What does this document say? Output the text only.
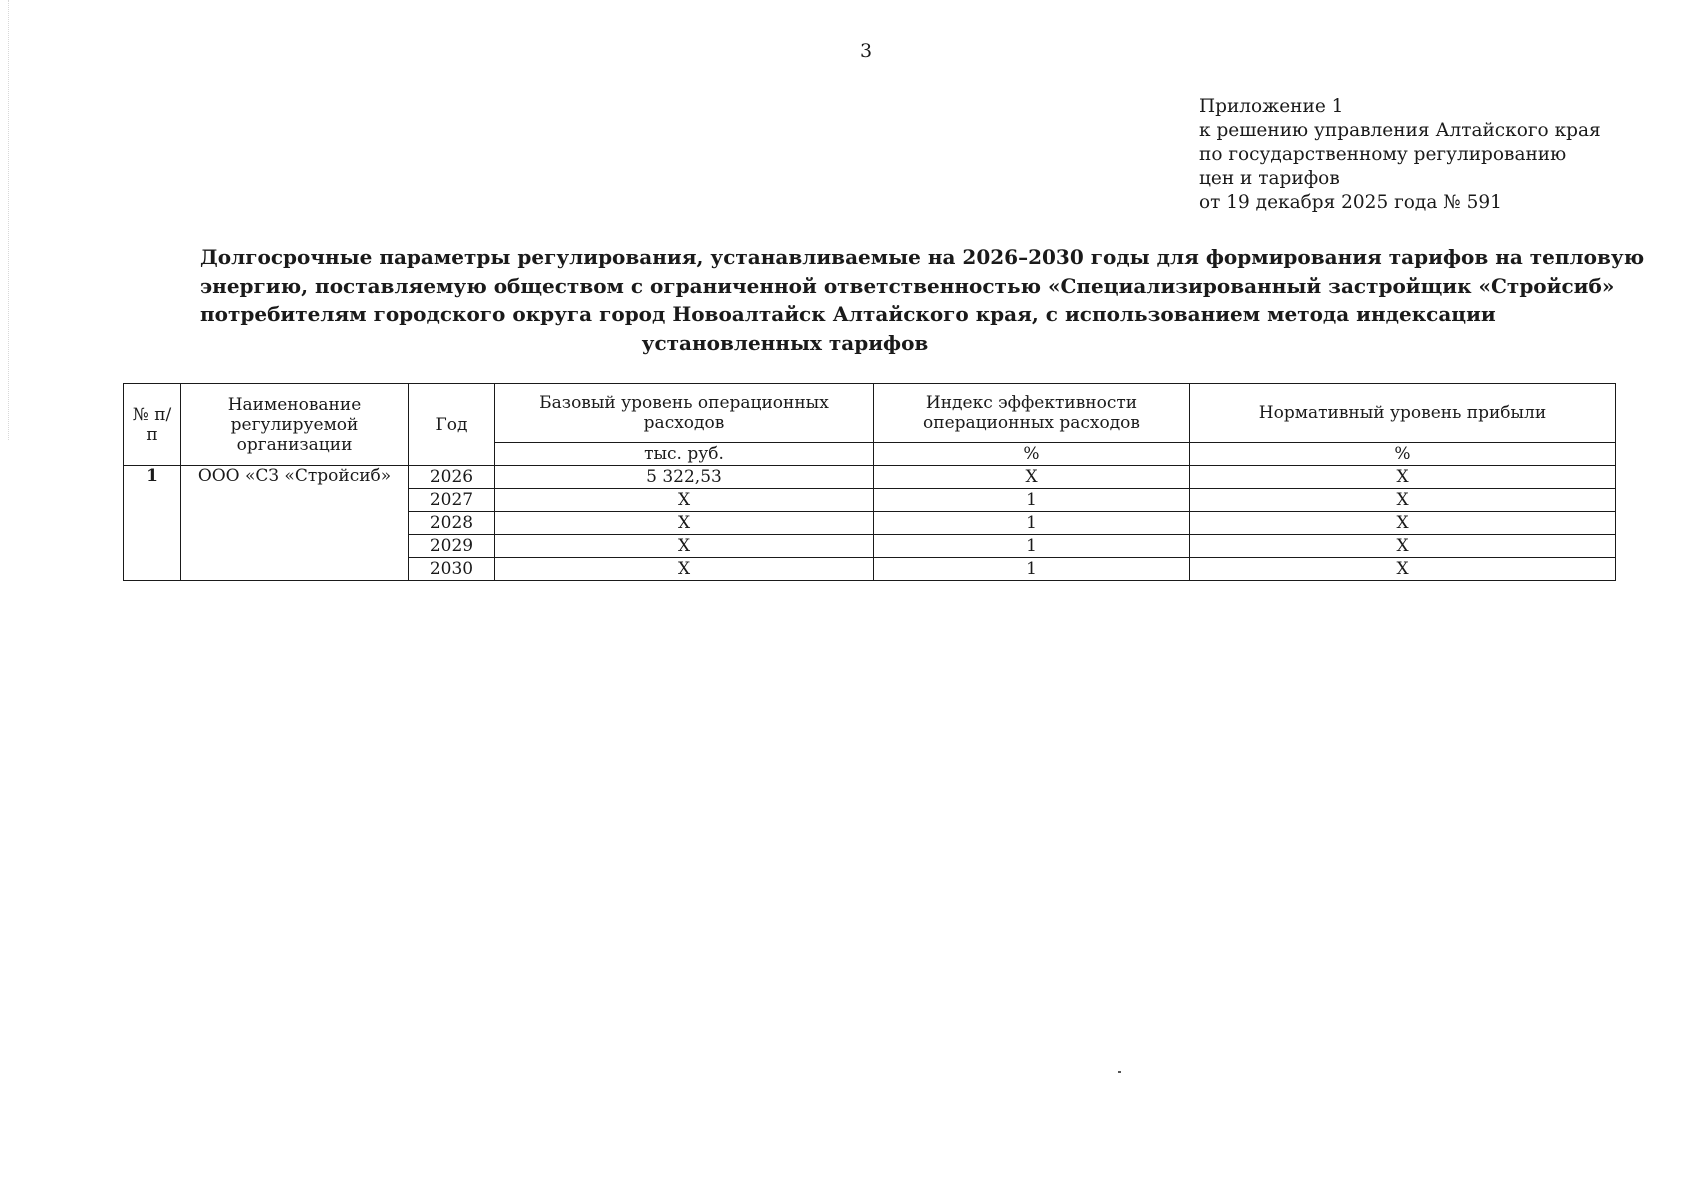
3
Приложение 1
к решению управления Алтайского края
по государственному регулированию
цен и тарифов
от 19 декабря 2025 года № 591
Долгосрочные параметры регулирования, устанавливаемые на 2026–2030 годы для формирования тарифов на тепловую
энергию, поставляемую обществом с ограниченной ответственностью «Специализированный застройщик «Стройсиб»
потребителям городского округа город Новоалтайск Алтайского края, с использованием метода индексации
установленных тарифов
№ п/п	Наименование регулируемой организации	Год	Базовый уровень операционных расходов	Индекс эффективности операционных расходов	Нормативный уровень прибыли
			тыс. руб.	%	%
1	ООО «СЗ «Стройсиб»	2026	5 322,53	Х	Х
		2027	Х	1	Х
		2028	Х	1	Х
		2029	Х	1	Х
		2030	Х	1	Х
